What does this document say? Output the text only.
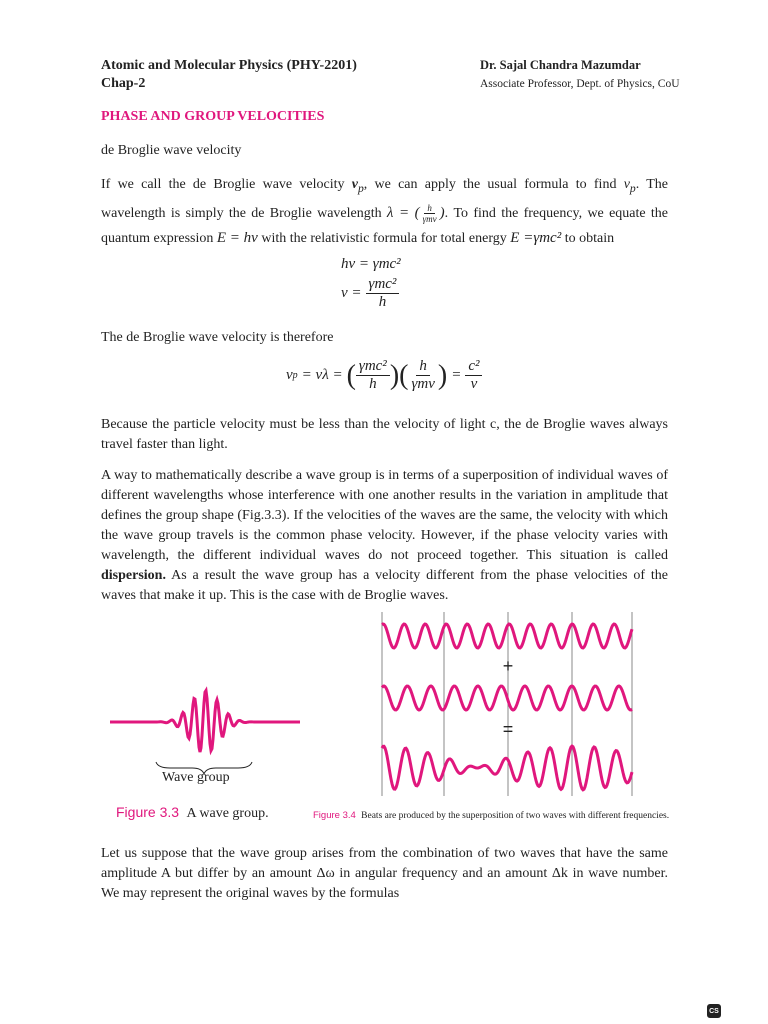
Atomic and Molecular Physics (PHY-2201)
Chap-2
Dr. Sajal Chandra Mazumdar
Associate Professor, Dept. of Physics, CoU
PHASE AND GROUP VELOCITIES
de Broglie wave velocity
If we call the de Broglie wave velocity $v_p$, we can apply the usual formula to find $v_p$. The wavelength is simply the de Broglie wavelength λ = ( $\frac{h}{\text{γmv}}$ ). To find the frequency, we equate the quantum expression E = hν with the relativistic formula for total energy E =γmc² to obtain
hν = γmc²
$\nu = \frac{\text{γmc²}}{h}$
The de Broglie wave velocity is therefore
v p = νλ = ( $\frac{\text{γmc²}}{h}$ )( $\frac{h}{\text{γmv}}$ ) = $\frac{\text{c²}}{v}$
Because the particle velocity must be less than the velocity of light c, the de Broglie waves always travel faster than light.
A way to mathematically describe a wave group is in terms of a superposition of individual waves of different wavelengths whose interference with one another results in the variation in amplitude that defines the group shape (Fig.3.3). If the velocities of the waves are the same, the velocity with which the wave group travels is the common phase velocity. However, if the phase velocity varies with wavelength, the different individual waves do not proceed together. This situation is called dispersion. As a result the wave group has a velocity different from the phase velocities of the waves that make it up. This is the case with de Broglie waves.
Wave group
Figure 3.3 A wave group.
+
=
Figure 3.4 Beats are produced by the superposition of two waves with different frequencies.
Let us suppose that the wave group arises from the combination of two waves that have the same amplitude A but differ by an amount Δω in angular frequency and an amount Δk in wave number. We may represent the original waves by the formulas
CS
